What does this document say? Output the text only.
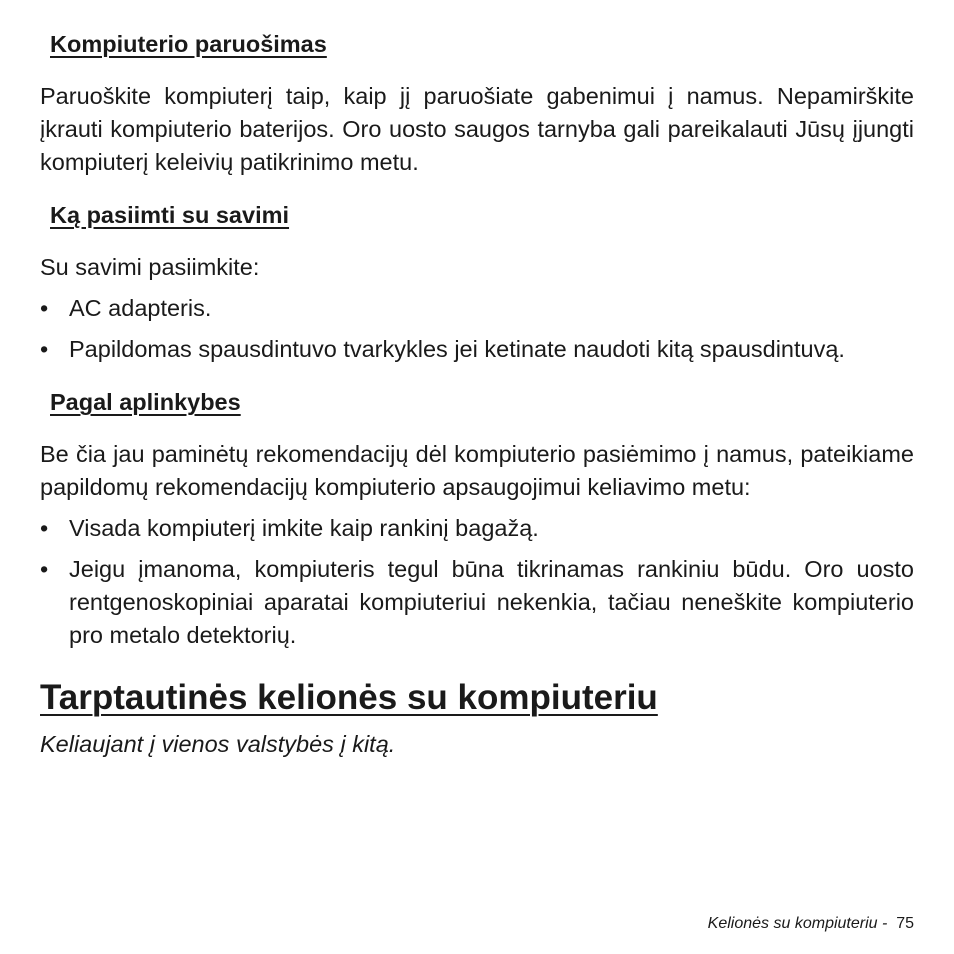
Kompiuterio paruošimas

Paruoškite kompiuterį taip, kaip jį paruošiate gabenimui į namus. Nepamirškite įkrauti kompiuterio baterijos. Oro uosto saugos tarnyba gali pareikalauti Jūsų įjungti kompiuterį keleivių patikrinimo metu.

Ką pasiimti su savimi

Su savimi pasiimkite:

• AC adapteris.
• Papildomas spausdintuvo tvarkykles jei ketinate naudoti kitą spausdintuvą.
Pagal aplinkybes

Be čia jau paminėtų rekomendacijų dėl kompiuterio pasiėmimo į namus, pateikiame papildomų rekomendacijų kompiuterio apsaugojimui keliavimo metu:

• Visada kompiuterį imkite kaip rankinį bagažą.
• Jeigu įmanoma, kompiuteris tegul būna tikrinamas rankiniu būdu. Oro uosto rentgenoskopiniai aparatai kompiuteriui nekenkia, tačiau neneškite kompiuterio pro metalo detektorių.
Tarptautinės kelionės su kompiuteriu

Keliaujant į vienos valstybės į kitą.

Kelionės su kompiuteriu -  75
